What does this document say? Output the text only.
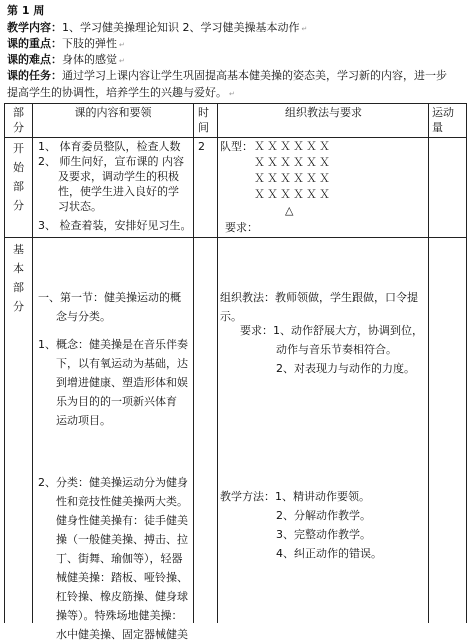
第 1 周
教学内容：1、学习健美操理论知识 2、学习健美操基本动作 ↵
课的重点：下肢的弹性 ↵
课的难点：身体的感觉 ↵
课的任务：通过学习上课内容让学生巩固提高基本健美操的姿态美，学习新的内容，进一步
提高学生的协调性，培养学生的兴趣与爱好。 ↵
部
分
课的内容和要领	组织教法与要求
时
间
运动
量
开
始
部
分
1、 体育委员整队，检查人数
2、 师生问好，宣布课的 内容
及要求，调动学生的积极
性，使学生进入良好的学
习状态。
3、 检查着装，安排好见习生。
2 队型： ＸＸＸＸＸＸ
ＸＸＸＸＸＸ
ＸＸＸＸＸＸ
ＸＸＸＸＸＸ
△
要求：
基
本
部
分
一、第一节：健美操运动的概
念与分类。
1、概念：健美操是在音乐伴奏
下，以有氧运动为基础，达
到增进健康、塑造形体和娱
乐为目的的一项新兴体育
运动项目。
2、分类：健美操运动分为健身
性和竞技性健美操两大类。
健身性健美操有：徒手健美
操（一般健美操、搏击、拉
丁、街舞、瑜伽等），轻器
械健美操：踏板、哑铃操、
杠铃操、橡皮筋操、健身球
操等）。特殊场地健美操：
水中健美操、固定器械健美
组织教法：教师领做，学生跟做，口令提
示。
要求：1、动作舒展大方，协调到位，
动作与音乐节奏相符合。
2、对表现力与动作的力度。
教学方法：1、精讲动作要领。
2、分解动作教学。
3、完整动作教学。
4、纠正动作的错误。
